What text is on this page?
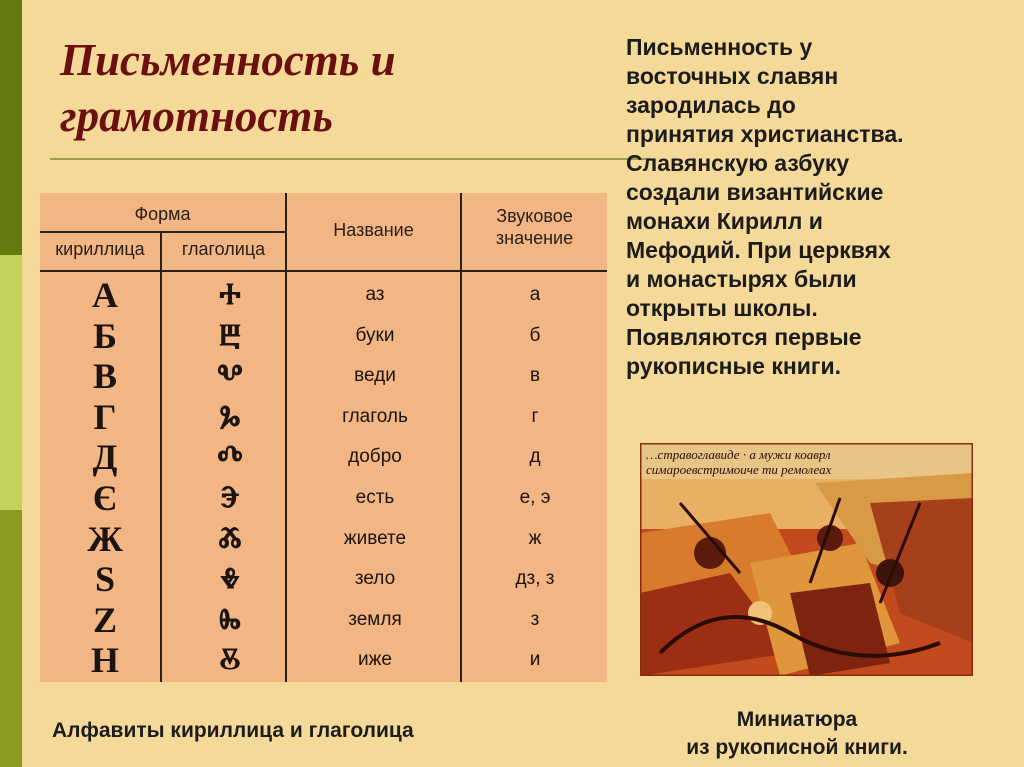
Письменность и грамотность

Письменность у
восточных славян
зародилась до
принятия христианства.
Славянскую азбуку
создали византийские
монахи Кирилл и
Мефодий. При церквях
и монастырях были
открыты школы.
Появляются первые
рукописные книги.

Форма
кириллица	глаголица
Название
Звуковое значение
А	Ⰰ	аз	а
Б	Ⰱ	буки	б
В	Ⰲ	веди	в
Г	Ⰳ	глаголь	г
Д	Ⰴ	добро	д
Є	Ⰵ	есть	е, э
Ж	Ⰶ	живете	ж
Ѕ	Ⰷ	зело	дз, з
Z	Ⰸ	земля	з
Н	Ⰻ	иже	и

Алфавиты кириллица и глаголица

…стравоглавиде · а мужи коаврл
симароевстримоиче ти ремолеах

Миниатюра
из рукописной книги.
